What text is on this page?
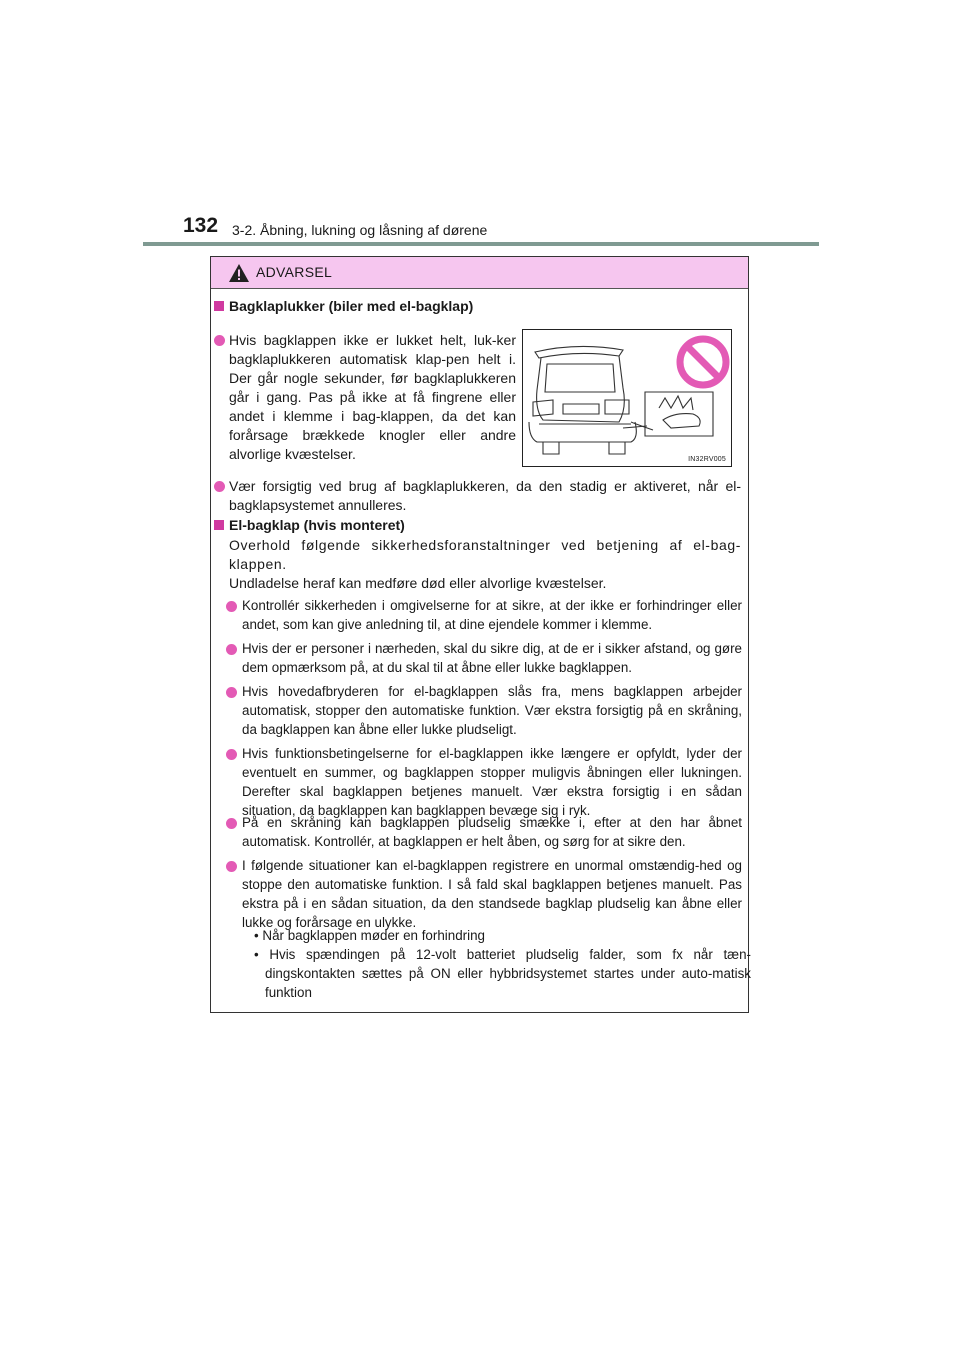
132 3-2. Åbning, lukning og låsning af dørene
ADVARSEL
Bagklaplukker (biler med el-bagklap)
Hvis bagklappen ikke er lukket helt, luk-ker bagklaplukkeren automatisk klap-pen helt i. Der går nogle sekunder, før bagklaplukkeren går i gang. Pas på ikke at få fingrene eller andet i klemme i bag-klappen, da det kan forårsage brækkede knogler eller andre alvorlige kvæstelser.	IN32RV005
Vær forsigtig ved brug af bagklaplukkeren, da den stadig er aktiveret, når el-bagklapsystemet annulleres.
El-bagklap (hvis monteret)
Overhold følgende sikkerhedsforanstaltninger ved betjening af el-bag-klappen.
Undladelse heraf kan medføre død eller alvorlige kvæstelser.
Kontrollér sikkerheden i omgivelserne for at sikre, at der ikke er forhindringer eller andet, som kan give anledning til, at dine ejendele kommer i klemme.
Hvis der er personer i nærheden, skal du sikre dig, at de er i sikker afstand, og gøre dem opmærksom på, at du skal til at åbne eller lukke bagklappen.
Hvis hovedafbryderen for el-bagklappen slås fra, mens bagklappen arbejder automatisk, stopper den automatiske funktion. Vær ekstra forsigtig på en skråning, da bagklappen kan åbne eller lukke pludseligt.
Hvis funktionsbetingelserne for el-bagklappen ikke længere er opfyldt, lyder der eventuelt en summer, og bagklappen stopper muligvis åbningen eller lukningen. Derefter skal bagklappen betjenes manuelt. Vær ekstra forsigtig i en sådan situation, da bagklappen kan bagklappen bevæge sig i ryk.
På en skråning kan bagklappen pludselig smække i, efter at den har åbnet automatisk. Kontrollér, at bagklappen er helt åben, og sørg for at sikre den.
I følgende situationer kan el-bagklappen registrere en unormal omstændig-hed og stoppe den automatiske funktion. I så fald skal bagklappen betjenes manuelt. Pas ekstra på i en sådan situation, da den standsede bagklap pludselig kan åbne eller lukke og forårsage en ulykke.
• Når bagklappen møder en forhindring
• Hvis spændingen på 12-volt batteriet pludselig falder, som fx når tæn-dingskontakten sættes på ON eller hybbridsystemet startes under auto-matisk funktion
